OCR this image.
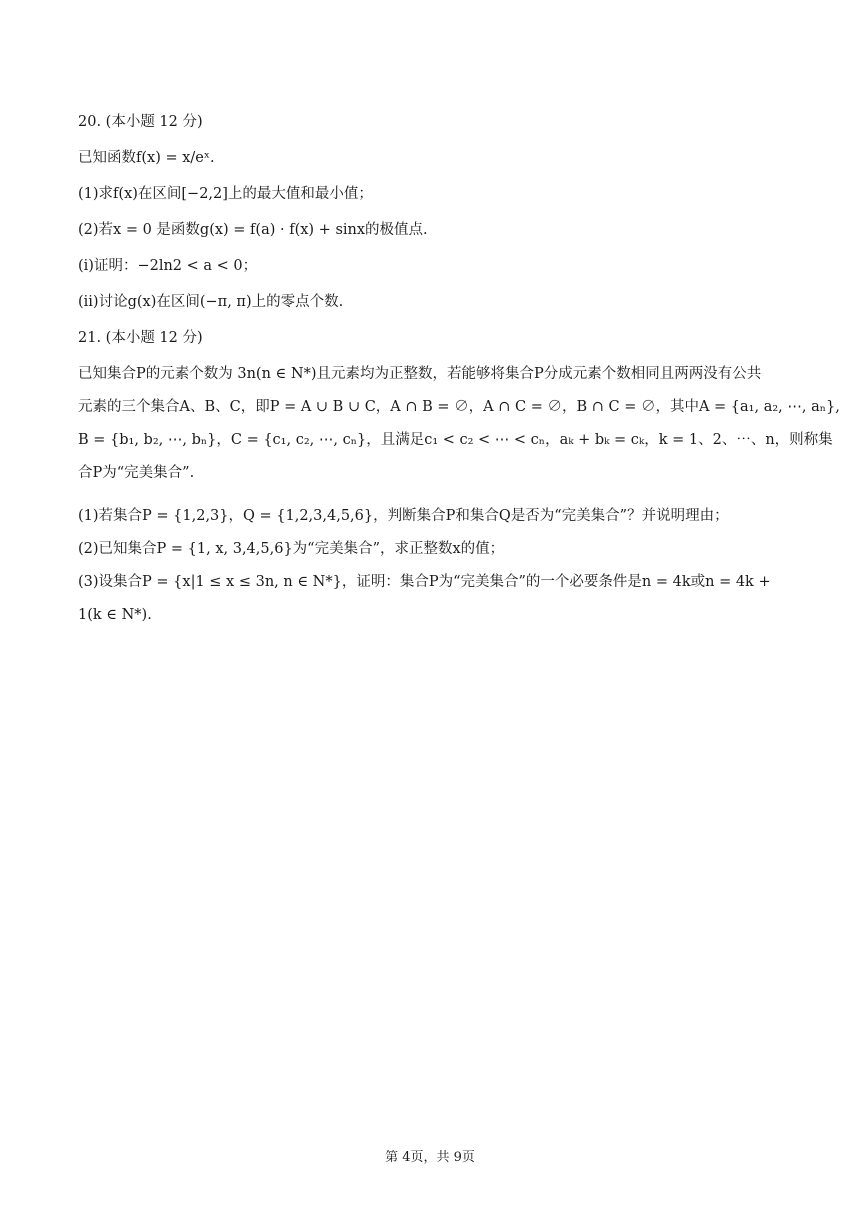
20. (本小题 12 分)

已知函数f(x) = x/eˣ.

(1)求f(x)在区间[−2,2]上的最大值和最小值；

(2)若x = 0 是函数g(x) = f(a) · f(x) + sinx的极值点.

(i)证明：−2ln2 < a < 0；

(ii)讨论g(x)在区间(−π, π)上的零点个数.

21. (本小题 12 分)

已知集合P的元素个数为 3n(n ∈ N*)且元素均为正整数，若能够将集合P分成元素个数相同且两两没有公共
元素的三个集合A、B、C，即P = A ∪ B ∪ C，A ∩ B = ∅，A ∩ C = ∅，B ∩ C = ∅，其中A = {a₁, a₂, ⋯, aₙ},
B = {b₁, b₂, ⋯, bₙ}，C = {c₁, c₂, ⋯, cₙ}，且满足c₁ < c₂ < ⋯ < cₙ，aₖ + bₖ = cₖ，k = 1、2、⋯、n，则称集
合P为“完美集合”.

(1)若集合P = {1,2,3}，Q = {1,2,3,4,5,6}，判断集合P和集合Q是否为“完美集合”？并说明理由；

(2)已知集合P = {1, x, 3,4,5,6}为“完美集合”，求正整数x的值；

(3)设集合P = {x|1 ≤ x ≤ 3n, n ∈ N*}，证明：集合P为“完美集合”的一个必要条件是n = 4k或n = 4k +
1(k ∈ N*).

第 4页，共 9页
